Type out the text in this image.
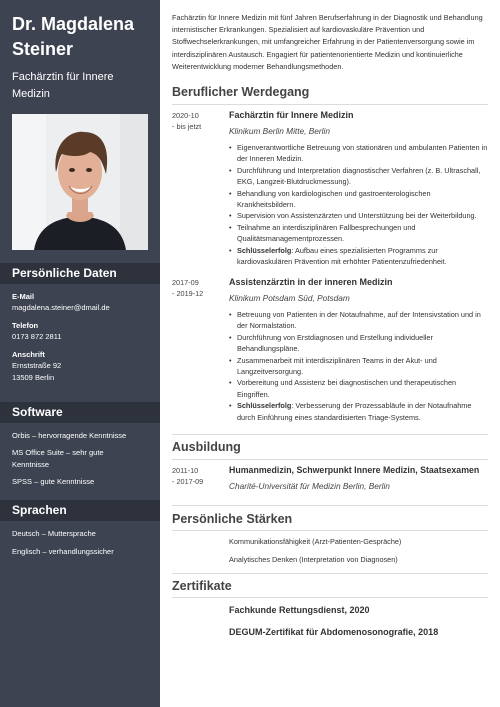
Dr. Magdalena Steiner
Fachärztin für Innere Medizin
Persönliche Daten
E-Mail
magdalena.steiner@dmail.de
Telefon
0173 872 2811
Anschrift
Ernststraße 92
13509 Berlin
Software
Orbis – hervorragende Kenntnisse
MS Office Suite – sehr gute Kenntnisse
SPSS – gute Kenntnisse
Sprachen
Deutsch – Muttersprache
Englisch – verhandlungssicher
Fachärztin für Innere Medizin mit fünf Jahren Berufserfahrung in der Diagnostik und Behandlung internistischer Erkrankungen. Spezialisiert auf kardiovaskuläre Prävention und Stoffwechselerkrankungen, mit umfangreicher Erfahrung in der Patientenversorgung sowie im interdisziplinären Austausch. Engagiert für patientenorientierte Medizin und kontinuierliche Weiterentwicklung moderner Behandlungsmethoden.
Beruflicher Werdegang
2020-10
- bis jetzt
Fachärztin für Innere Medizin
Klinikum Berlin Mitte, Berlin
• Eigenverantwortliche Betreuung von stationären und ambulanten Patienten in der Inneren Medizin.
• Durchführung und Interpretation diagnostischer Verfahren (z. B. Ultraschall, EKG, Langzeit-Blutdruckmessung).
• Behandlung von kardiologischen und gastroenterologischen Krankheitsbildern.
• Supervision von Assistenzärzten und Unterstützung bei der Weiterbildung.
• Teilnahme an interdisziplinären Fallbesprechungen und Qualitätsmanagementprozessen.
• Schlüsselerfolg: Aufbau eines spezialisierten Programms zur kardiovaskulären Prävention mit erhöhter Patientenzufriedenheit.
2017-09
- 2019-12
Assistenzärztin in der inneren Medizin
Klinikum Potsdam Süd, Potsdam
• Betreuung von Patienten in der Notaufnahme, auf der Intensivstation und in der Normalstation.
• Durchführung von Erstdiagnosen und Erstellung individueller Behandlungspläne.
• Zusammenarbeit mit interdisziplinären Teams in der Akut- und Langzeitversorgung.
• Vorbereitung und Assistenz bei diagnostischen und therapeutischen Eingriffen.
• Schlüsselerfolg: Verbesserung der Prozessabläufe in der Notaufnahme durch Einführung eines standardisierten Triage-Systems.
Ausbildung
2011-10
- 2017-09
Humanmedizin, Schwerpunkt Innere Medizin, Staatsexamen
Charité-Universität für Medizin Berlin, Berlin
Persönliche Stärken
Kommunikationsfähigkeit (Arzt-Patienten-Gespräche)
Analytisches Denken (Interpretation von Diagnosen)
Zertifikate
Fachkunde Rettungsdienst, 2020
DEGUM-Zertifikat für Abdomenosonografie, 2018
